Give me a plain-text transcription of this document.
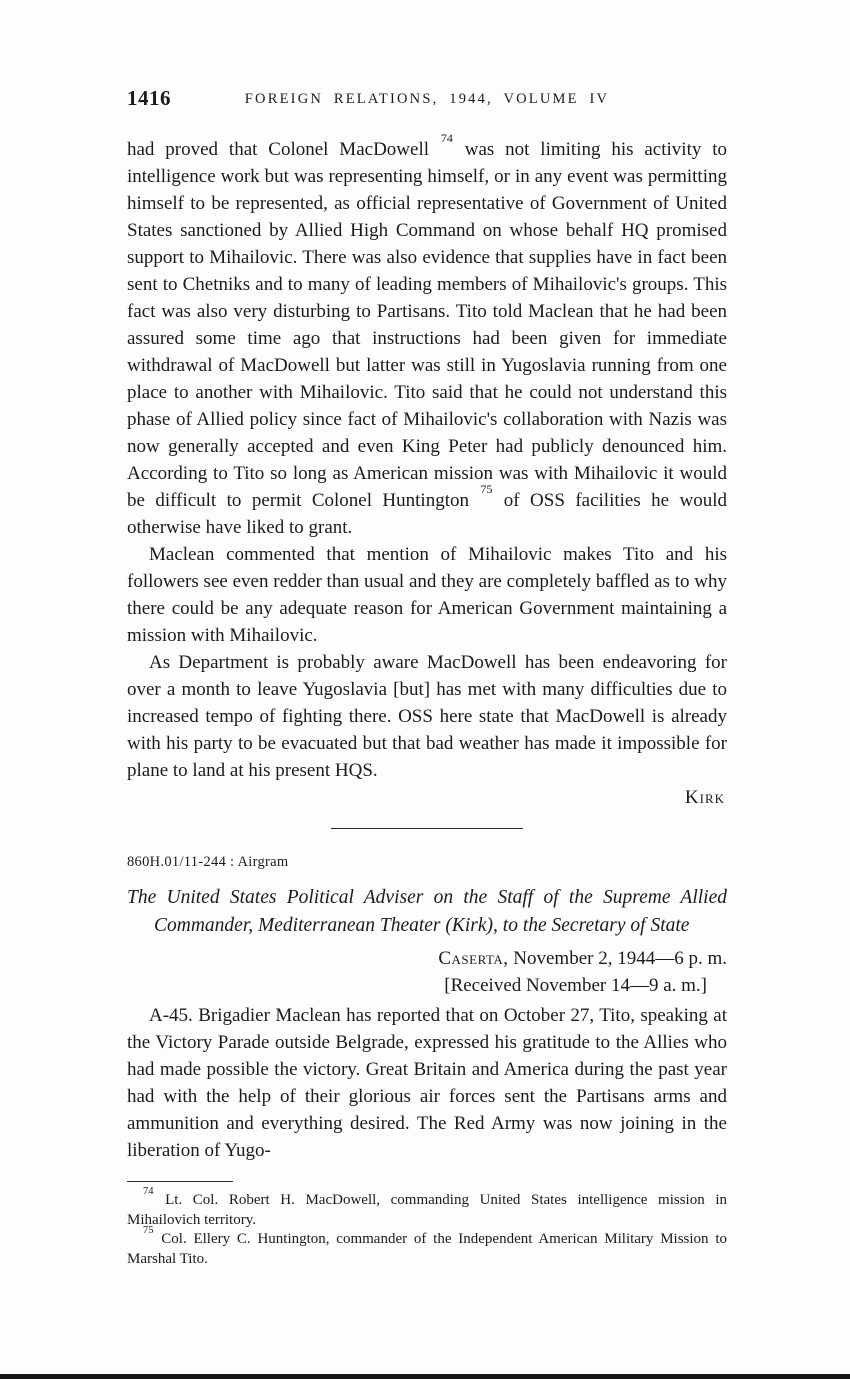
1416	FOREIGN RELATIONS, 1944, VOLUME IV

had proved that Colonel MacDowell $^{74}$ was not limiting his activity to intelligence work but was representing himself, or in any event was permitting himself to be represented, as official representative of Government of United States sanctioned by Allied High Command on whose behalf HQ promised support to Mihailovic. There was also evidence that supplies have in fact been sent to Chetniks and to many of leading members of Mihailovic's groups. This fact was also very disturbing to Partisans. Tito told Maclean that he had been assured some time ago that instructions had been given for immediate withdrawal of MacDowell but latter was still in Yugoslavia running from one place to another with Mihailovic. Tito said that he could not understand this phase of Allied policy since fact of Mihailovic's collaboration with Nazis was now generally accepted and even King Peter had publicly denounced him. According to Tito so long as American mission was with Mihailovic it would be difficult to permit Colonel Huntington $^{75}$ of OSS facilities he would otherwise have liked to grant.

Maclean commented that mention of Mihailovic makes Tito and his followers see even redder than usual and they are completely baffled as to why there could be any adequate reason for American Government maintaining a mission with Mihailovic.

As Department is probably aware MacDowell has been endeavoring for over a month to leave Yugoslavia [but] has met with many difficulties due to increased tempo of fighting there. OSS here state that MacDowell is already with his party to be evacuated but that bad weather has made it impossible for plane to land at his present HQS.

Kirk

860H.01/11-244 : Airgram

The United States Political Adviser on the Staff of the Supreme Allied Commander, Mediterranean Theater (Kirk), to the Secretary of State

Caserta, November 2, 1944—6 p. m.

[Received November 14—9 a. m.]

A-45. Brigadier Maclean has reported that on October 27, Tito, speaking at the Victory Parade outside Belgrade, expressed his gratitude to the Allies who had made possible the victory. Great Britain and America during the past year had with the help of their glorious air forces sent the Partisans arms and ammunition and everything desired. The Red Army was now joining in the liberation of Yugo-

$^{74}$ Lt. Col. Robert H. MacDowell, commanding United States intelligence mission in Mihailovich territory.

$^{75}$ Col. Ellery C. Huntington, commander of the Independent American Military Mission to Marshal Tito.
